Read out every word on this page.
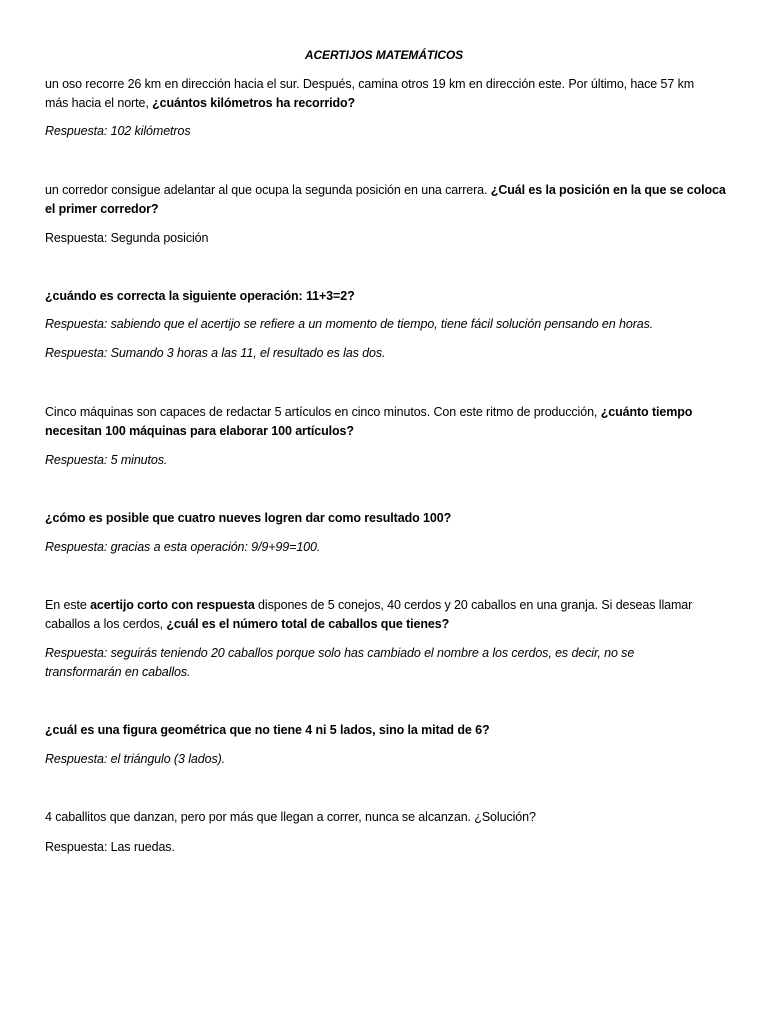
ACERTIJOS MATEMÁTICOS
un oso recorre 26 km en dirección hacia el sur. Después, camina otros 19 km en dirección este. Por último, hace 57 km
más hacia el norte, ¿cuántos kilómetros ha recorrido?
Respuesta: 102 kilómetros
un corredor consigue adelantar al que ocupa la segunda posición en una carrera. ¿Cuál es la posición en la que se coloca
el primer corredor?
Respuesta: Segunda posición
¿cuándo es correcta la siguiente operación: 11+3=2?
Respuesta: sabiendo que el acertijo se refiere a un momento de tiempo, tiene fácil solución pensando en horas.
Respuesta: Sumando 3 horas a las 11, el resultado es las dos.
Cinco máquinas son capaces de redactar 5 artículos en cinco minutos. Con este ritmo de producción, ¿cuánto tiempo
necesitan 100 máquinas para elaborar 100 artículos?
Respuesta: 5 minutos.
¿cómo es posible que cuatro nueves logren dar como resultado 100?
Respuesta: gracias a esta operación: 9/9+99=100.
En este acertijo corto con respuesta dispones de 5 conejos, 40 cerdos y 20 caballos en una granja. Si deseas llamar
caballos a los cerdos, ¿cuál es el número total de caballos que tienes?
Respuesta: seguirás teniendo 20 caballos porque solo has cambiado el nombre a los cerdos, es decir, no se
transformarán en caballos.
¿cuál es una figura geométrica que no tiene 4 ni 5 lados, sino la mitad de 6?
Respuesta: el triángulo (3 lados).
4 caballitos que danzan, pero por más que llegan a correr, nunca se alcanzan. ¿Solución?
Respuesta: Las ruedas.
